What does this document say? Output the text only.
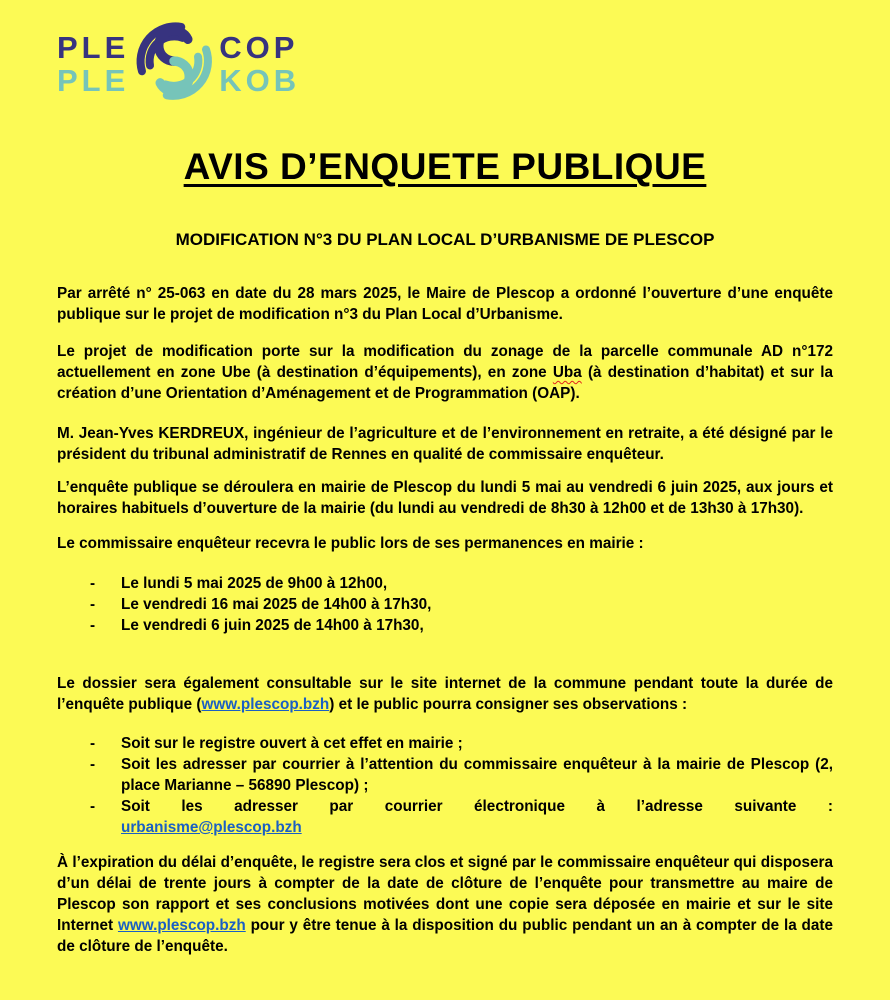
PLE
PLE
COP
KOB
AVIS D’ENQUETE PUBLIQUE
MODIFICATION N°3 DU PLAN LOCAL D’URBANISME DE PLESCOP

Par arrêté n° 25-063 en date du 28 mars 2025, le Maire de Plescop a ordonné l’ouverture d’une enquête publique sur le projet de modification n°3 du Plan Local d’Urbanisme.

Le projet de modification porte sur la modification du zonage de la parcelle communale AD n°172 actuellement en zone Ube (à destination d’équipements), en zone Uba (à destination d’habitat) et sur la création d’une Orientation d’Aménagement et de Programmation (OAP).

M. Jean-Yves KERDREUX, ingénieur de l’agriculture et de l’environnement en retraite, a été désigné par le président du tribunal administratif de Rennes en qualité de commissaire enquêteur.

L’enquête publique se déroulera en mairie de Plescop du lundi 5 mai au vendredi 6 juin 2025, aux jours et horaires habituels d’ouverture de la mairie (du lundi au vendredi de 8h30 à 12h00 et de 13h30 à 17h30).

Le commissaire enquêteur recevra le public lors de ses permanences en mairie :

-	Le lundi 5 mai 2025 de 9h00 à 12h00,
-	Le vendredi 16 mai 2025 de 14h00 à 17h30,
-	Le vendredi 6 juin 2025 de 14h00 à 17h30,

Le dossier sera également consultable sur le site internet de la commune pendant toute la durée de l’enquête publique (www.plescop.bzh) et le public pourra consigner ses observations :

-	Soit sur le registre ouvert à cet effet en mairie ;
-	Soit les adresser par courrier à l’attention du commissaire enquêteur à la mairie de Plescop (2, place Marianne – 56890 Plescop) ;
-	Soit les adresser par courrier électronique à l’adresse suivante :
urbanisme@plescop.bzh

À l’expiration du délai d’enquête, le registre sera clos et signé par le commissaire enquêteur qui disposera d’un délai de trente jours à compter de la date de clôture de l’enquête pour transmettre au maire de Plescop son rapport et ses conclusions motivées dont une copie sera déposée en mairie et sur le site Internet www.plescop.bzh pour y être tenue à la disposition du public pendant un an à compter de la date de clôture de l’enquête.
